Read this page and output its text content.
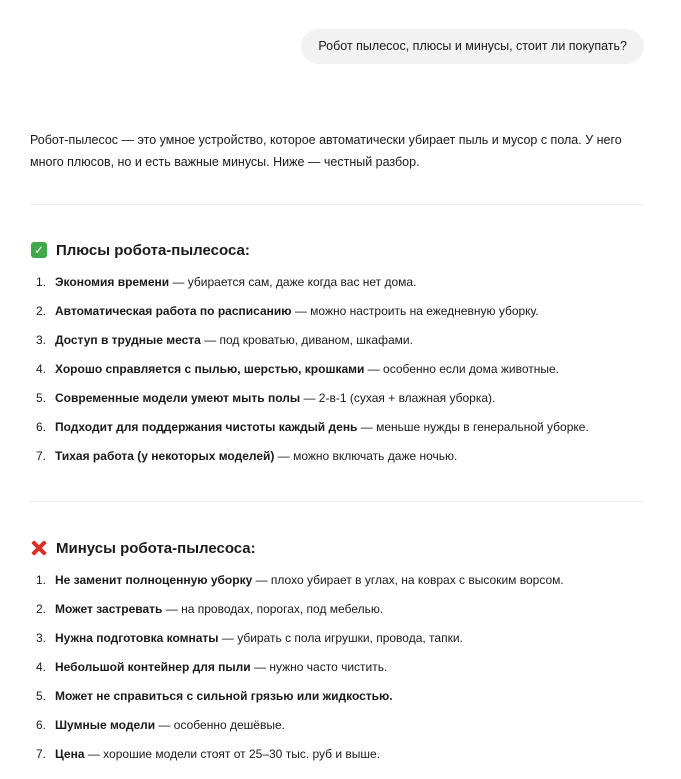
Робот пылесос, плюсы и минусы, стоит ли покупать?

Робот-пылесос — это умное устройство, которое автоматически убирает пыль и мусор с пола. У него много плюсов, но и есть важные минусы. Ниже — честный разбор.

✓ Плюсы робота-пылесоса:
1. Экономия времени — убирается сам, даже когда вас нет дома.
2. Автоматическая работа по расписанию — можно настроить на ежедневную уборку.
3. Доступ в трудные места — под кроватью, диваном, шкафами.
4. Хорошо справляется с пылью, шерстью, крошками — особенно если дома животные.
5. Современные модели умеют мыть полы — 2-в-1 (сухая + влажная уборка).
6. Подходит для поддержания чистоты каждый день — меньше нужды в генеральной уборке.
7. Тихая работа (у некоторых моделей) — можно включать даже ночью.
Минусы робота-пылесоса:
1. Не заменит полноценную уборку — плохо убирает в углах, на коврах с высоким ворсом.
2. Может застревать — на проводах, порогах, под мебелью.
3. Нужна подготовка комнаты — убирать с пола игрушки, провода, тапки.
4. Небольшой контейнер для пыли — нужно часто чистить.
5. Может не справиться с сильной грязью или жидкостью.
6. Шумные модели — особенно дешёвые.
7. Цена — хорошие модели стоят от 25–30 тыс. руб и выше.
